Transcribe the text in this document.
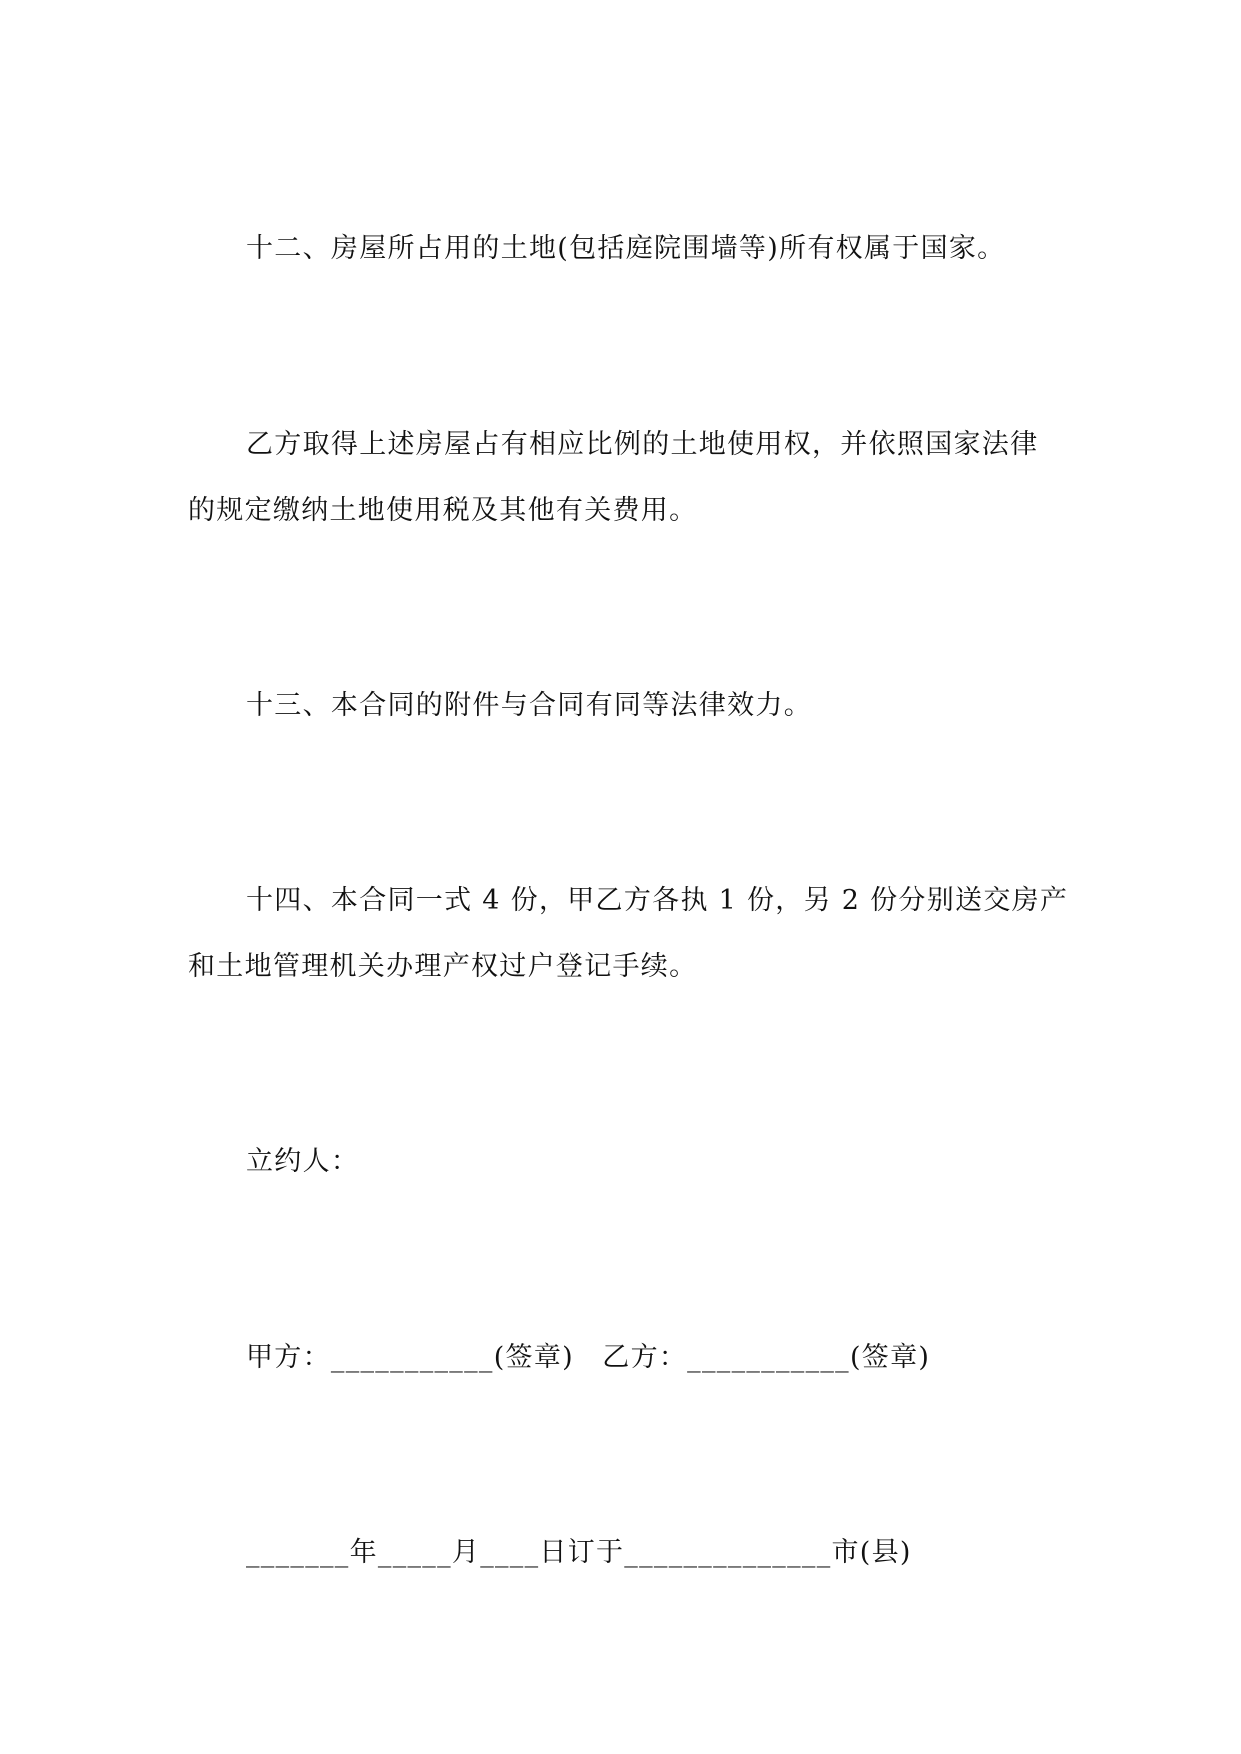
十二、房屋所占用的土地(包括庭院围墙等)所有权属于国家。
乙方取得上述房屋占有相应比例的土地使用权，并依照国家法律
的规定缴纳土地使用税及其他有关费用。
十三、本合同的附件与合同有同等法律效力。
十四、本合同一式 4 份，甲乙方各执 1 份，另 2 份分别送交房产
和土地管理机关办理产权过户登记手续。
立约人：
甲方：___________(签章)　乙方：___________(签章)
_______年_____月____日订于______________市(县)
